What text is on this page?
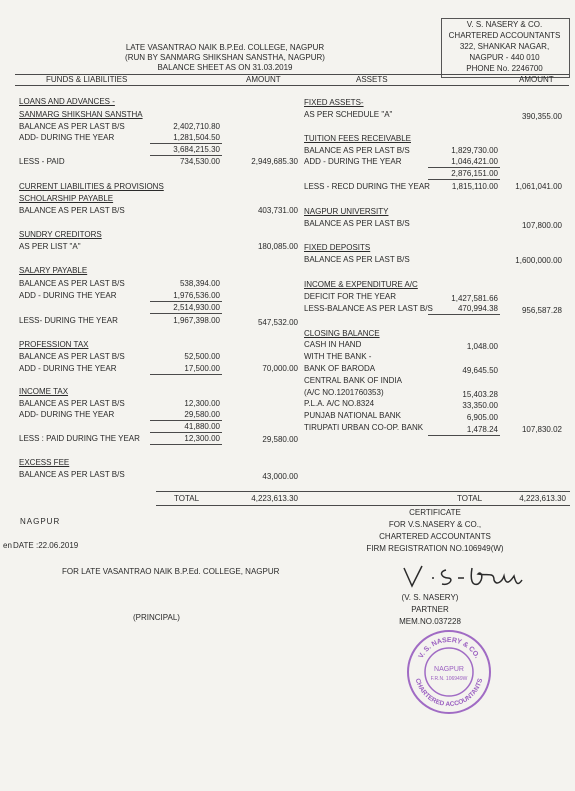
V. S. NASERY & CO.
CHARTERED ACCOUNTANTS
322, SHANKAR NAGAR,
NAGPUR - 440 010
PHONE No. 2246700
LATE VASANTRAO NAIK B.P.Ed. COLLEGE, NAGPUR
(RUN BY SANMARG SHIKSHAN SANSTHA, NAGPUR)
BALANCE SHEET AS ON 31.03.2019
FUNDS & LIABILITIES	AMOUNT	ASSETS	AMOUNT
LOANS AND ADVANCES -
SANMARG SHIKSHAN SANSTHA
BALANCE AS PER LAST B/S	2,402,710.80
ADD- DURING THE YEAR	1,281,504.50
3,684,215.30
LESS - PAID	734,530.00	2,949,685.30
CURRENT LIABILITIES & PROVISIONS
SCHOLARSHIP PAYABLE
BALANCE AS PER LAST B/S	403,731.00
SUNDRY CREDITORS
AS PER LIST "A"	180,085.00
SALARY PAYABLE
BALANCE AS PER LAST B/S	538,394.00
ADD - DURING THE YEAR	1,976,536.00
2,514,930.00
LESS- DURING THE YEAR	1,967,398.00	547,532.00
PROFESSION TAX
BALANCE AS PER LAST B/S	52,500.00
ADD - DURING THE YEAR	17,500.00	70,000.00
INCOME TAX
BALANCE AS PER LAST B/S	12,300.00
ADD- DURING THE YEAR	29,580.00
41,880.00
LESS : PAID DURING THE YEAR	12,300.00	29,580.00
EXCESS FEE
BALANCE AS PER LAST B/S	43,000.00
FIXED ASSETS-
AS PER SCHEDULE "A"	390,355.00
TUITION FEES RECEIVABLE
BALANCE AS PER LAST B/S	1,829,730.00
ADD - DURING THE YEAR	1,046,421.00
2,876,151.00
LESS - RECD DURING THE YEAR	1,815,110.00	1,061,041.00
NAGPUR UNIVERSITY
BALANCE AS PER LAST B/S	107,800.00
FIXED DEPOSITS
BALANCE AS PER LAST B/S	1,600,000.00
INCOME & EXPENDITURE A/C
DEFICIT FOR THE YEAR	1,427,581.66
LESS-BALANCE AS PER LAST B/S	470,994.38	956,587.28
CLOSING BALANCE
CASH IN HAND	1,048.00
WITH THE BANK -
BANK OF BARODA	49,645.50
CENTRAL BANK OF INDIA
(A/C NO.1201760353)	15,403.28
P.L.A. A/C NO.8324	33,350.00
PUNJAB NATIONAL BANK	6,905.00
TIRUPATI URBAN CO-OP. BANK	1,478.24	107,830.02
TOTAL	4,223,613.30	TOTAL	4,223,613.30
NAGPUR
en DATE :22.06.2019
CERTIFICATE
FOR V.S.NASERY & CO.,
CHARTERED ACCOUNTANTS
FIRM REGISTRATION NO.106949(W)
FOR LATE VASANTRAO NAIK B.P.Ed. COLLEGE, NAGPUR
(V. S. NASERY)
PARTNER
MEM.NO.037228
(PRINCIPAL)
V. S. NASERY & CO.
CHARTERED ACCOUNTANTS
NAGPUR
F.R.N. 106949W
